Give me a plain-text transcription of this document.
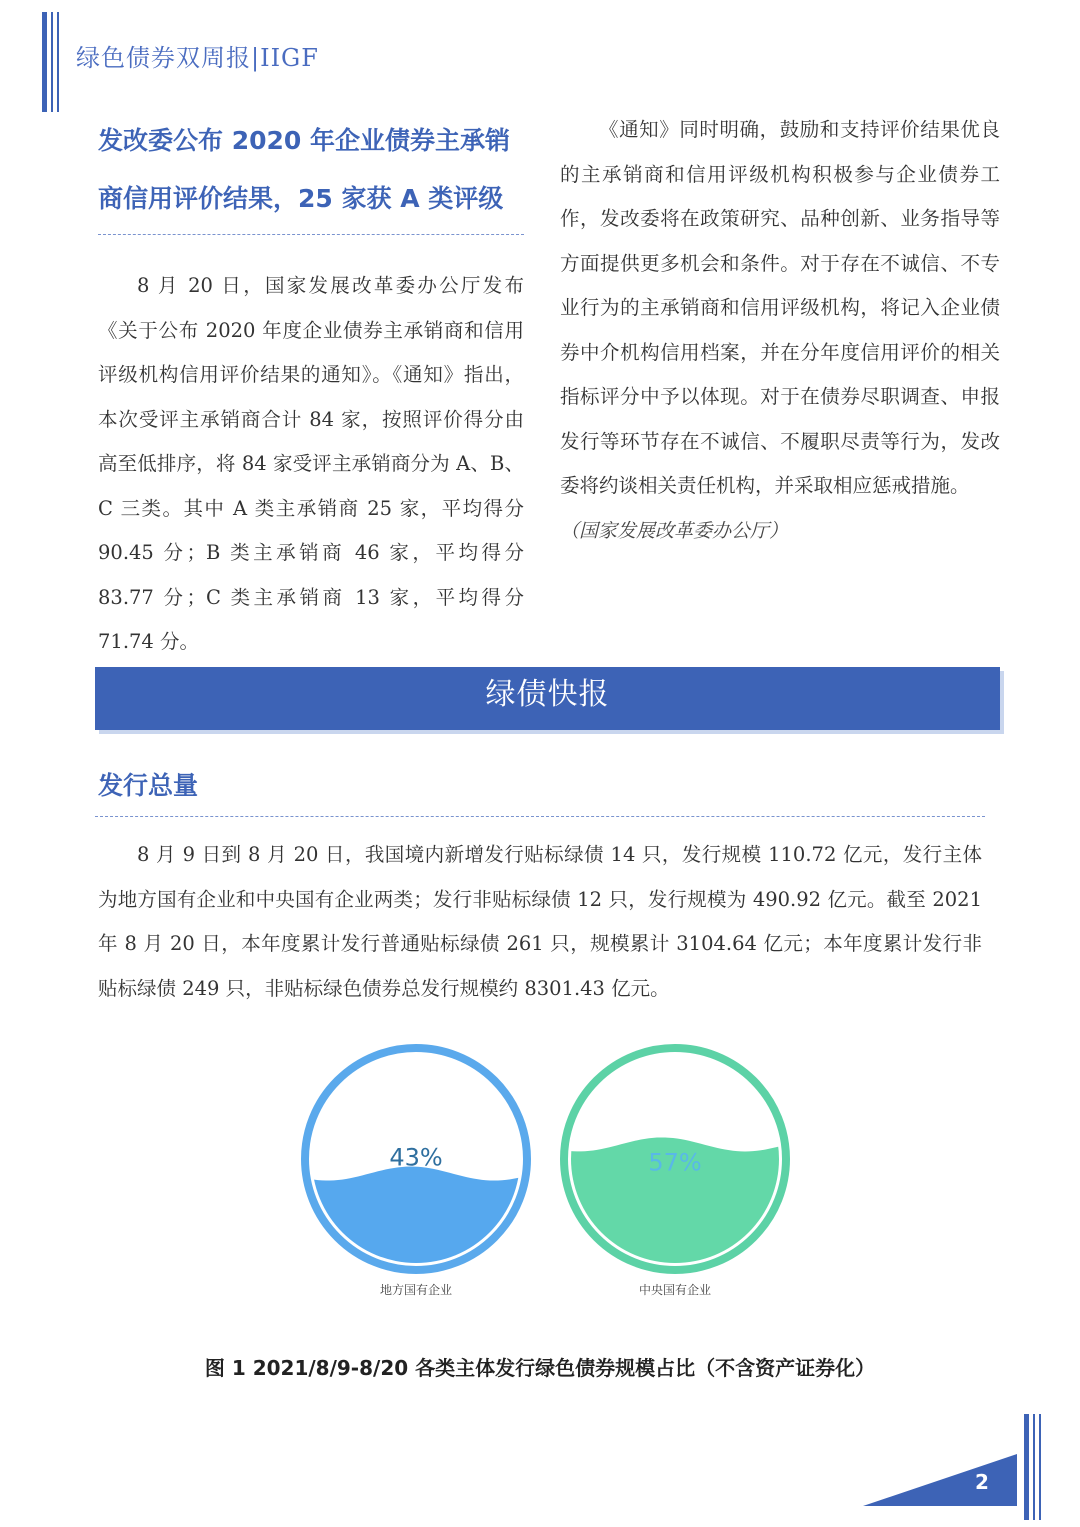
绿色债券双周报|IIGF
发改委公布 2020 年企业债券主承销
商信用评价结果，25 家获 A 类评级

8 月 20 日，国家发展改革委办公厅发布《关于公布 2020 年度企业债券主承销商和信用评级机构信用评价结果的通知》。《通知》指出，本次受评主承销商合计 84 家，按照评价得分由高至低排序，将 84 家受评主承销商分为 A、B、C 三类。其中 A 类主承销商 25 家，平均得分 90.45 分；B 类主承销商 46 家，平均得分 83.77 分；C 类主承销商 13 家，平均得分 71.74 分。

《通知》同时明确，鼓励和支持评价结果优良的主承销商和信用评级机构积极参与企业债券工作，发改委将在政策研究、品种创新、业务指导等方面提供更多机会和条件。对于存在不诚信、不专业行为的主承销商和信用评级机构，将记入企业债券中介机构信用档案，并在分年度信用评价的相关指标评分中予以体现。对于在债券尽职调查、申报发行等环节存在不诚信、不履职尽责等行为，发改委将约谈相关责任机构，并采取相应惩戒措施。

（国家发展改革委办公厅）
绿债快报
发行总量

8 月 9 日到 8 月 20 日，我国境内新增发行贴标绿债 14 只，发行规模 110.72 亿元，发行主体为地方国有企业和中央国有企业两类；发行非贴标绿债 12 只，发行规模为 490.92 亿元。截至 2021 年 8 月 20 日，本年度累计发行普通贴标绿债 261 只，规模累计 3104.64 亿元；本年度累计发行非贴标绿债 249 只，非贴标绿色债券总发行规模约 8301.43 亿元。

43%
地方国有企业
57%
中央国有企业
图 1 2021/8/9-8/20 各类主体发行绿色债券规模占比（不含资产证券化）
2
